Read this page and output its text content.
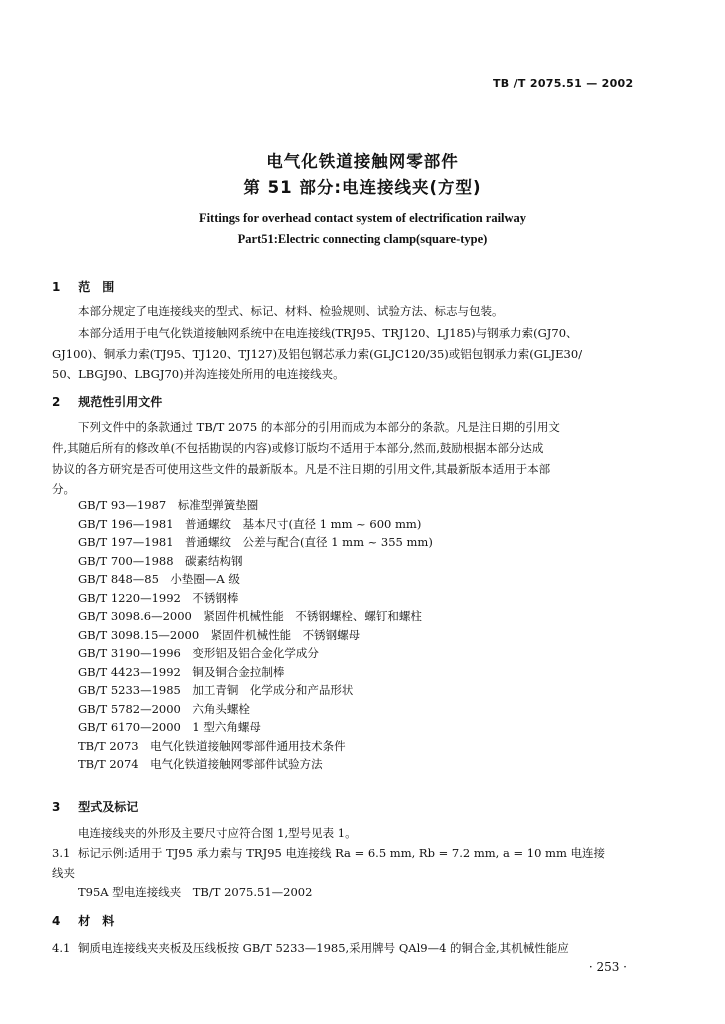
TB /T 2075.51 — 2002
电气化铁道接触网零部件
第 51 部分:电连接线夹(方型)
Fittings for overhead contact system of electrification railway
Part51:Electric connecting clamp(square-type)
1 范　围
本部分规定了电连接线夹的型式、标记、材料、检验规则、试验方法、标志与包装。
本部分适用于电气化铁道接触网系统中在电连接线(TRJ95、TRJ120、LJ185)与钢承力索(GJ70、
GJ100)、铜承力索(TJ95、TJ120、TJ127)及铝包钢芯承力索(GLJC120/35)或铝包钢承力索(GLJE30/
50、LBGJ90、LBGJ70)并沟连接处所用的电连接线夹。
2 规范性引用文件
下列文件中的条款通过 TB/T 2075 的本部分的引用而成为本部分的条款。凡是注日期的引用文
件,其随后所有的修改单(不包括勘误的内容)或修订版均不适用于本部分,然而,鼓励根据本部分达成
协议的各方研究是否可使用这些文件的最新版本。凡是不注日期的引用文件,其最新版本适用于本部
分。
GB/T 93—1987　标准型弹簧垫圈
GB/T 196—1981　普通螺纹　基本尺寸(直径 1 mm ~ 600 mm)
GB/T 197—1981　普通螺纹　公差与配合(直径 1 mm ~ 355 mm)
GB/T 700—1988　碳素结构钢
GB/T 848—85　小垫圈—A 级
GB/T 1220—1992　不锈钢棒
GB/T 3098.6—2000　紧固件机械性能　不锈钢螺栓、螺钉和螺柱
GB/T 3098.15—2000　紧固件机械性能　不锈钢螺母
GB/T 3190—1996　变形铝及铝合金化学成分
GB/T 4423—1992　铜及铜合金拉制棒
GB/T 5233—1985　加工青铜　化学成分和产品形状
GB/T 5782—2000　六角头螺栓
GB/T 6170—2000　1 型六角螺母
TB/T 2073　电气化铁道接触网零部件通用技术条件
TB/T 2074　电气化铁道接触网零部件试验方法
3 型式及标记
电连接线夹的外形及主要尺寸应符合图 1,型号见表 1。
3.1 标记示例:适用于 TJ95 承力索与 TRJ95 电连接线 Ra = 6.5 mm, Rb = 7.2 mm, a = 10 mm 电连接
线夹
T95A 型电连接线夹　TB/T 2075.51—2002
4 材　料
4.1 铜质电连接线夹夹板及压线板按 GB/T 5233—1985,采用牌号 QAl9—4 的铜合金,其机械性能应
· 253 ·
